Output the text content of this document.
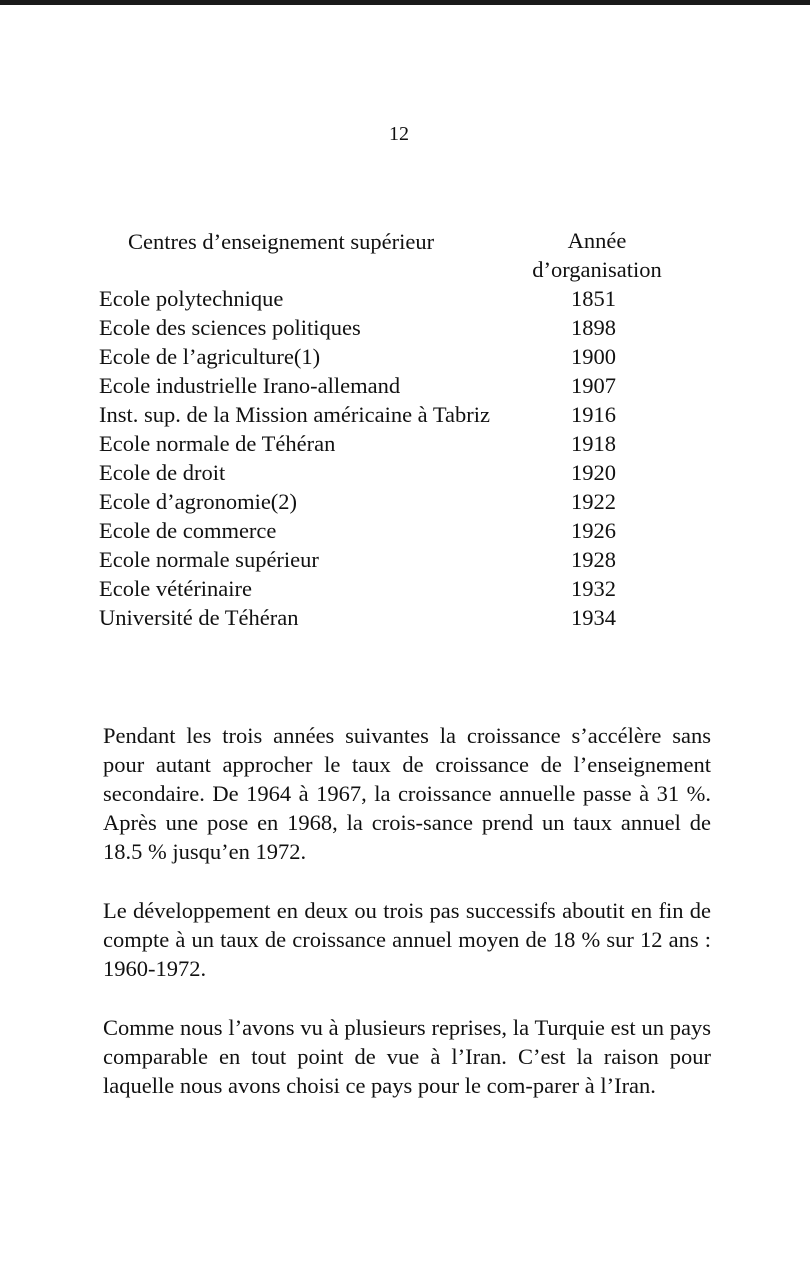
12
Centres d’enseignement supérieur	Année
d’organisation
Ecole polytechnique	1851
Ecole des sciences politiques	1898
Ecole de l’agriculture(1)	1900
Ecole industrielle Irano-allemand	1907
Inst. sup. de la Mission américaine à Tabriz	1916
Ecole normale de Téhéran	1918
Ecole de droit	1920
Ecole d’agronomie(2)	1922
Ecole de commerce	1926
Ecole normale supérieur	1928
Ecole vétérinaire	1932
Université de Téhéran	1934

Pendant les trois années suivantes la croissance s’accélère sans pour autant approcher le taux de croissance de l’enseignement secondaire. De 1964 à 1967, la croissance annuelle passe à 31 %. Après une pose en 1968, la crois-sance prend un taux annuel de 18.5 % jusqu’en 1972.

Le développement en deux ou trois pas successifs aboutit en fin de compte à un taux de croissance annuel moyen de 18 % sur 12 ans : 1960-1972.

Comme nous l’avons vu à plusieurs reprises, la Turquie est un pays comparable en tout point de vue à l’Iran. C’est la raison pour laquelle nous avons choisi ce pays pour le com-parer à l’Iran.
